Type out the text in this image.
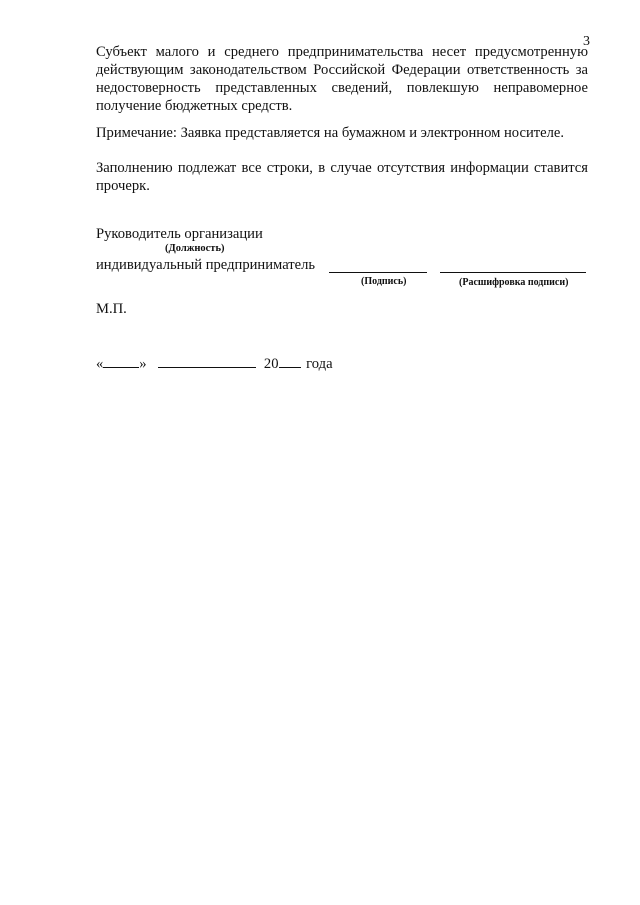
3

Субъект малого и среднего предпринимательства несет предусмотренную действующим законодательством Российской Федерации ответственность за недостоверность представленных сведений, повлекшую неправомерное получение бюджетных средств.

Примечание: Заявка представляется на бумажном и электронном носителе.

Заполнению подлежат все строки, в случае отсутствия информации ставится прочерк.

Руководитель организации
(Должность)
индивидуальный предприниматель
(Подпись)	(Расшифровка подписи)
М.П.
« »	20 года
